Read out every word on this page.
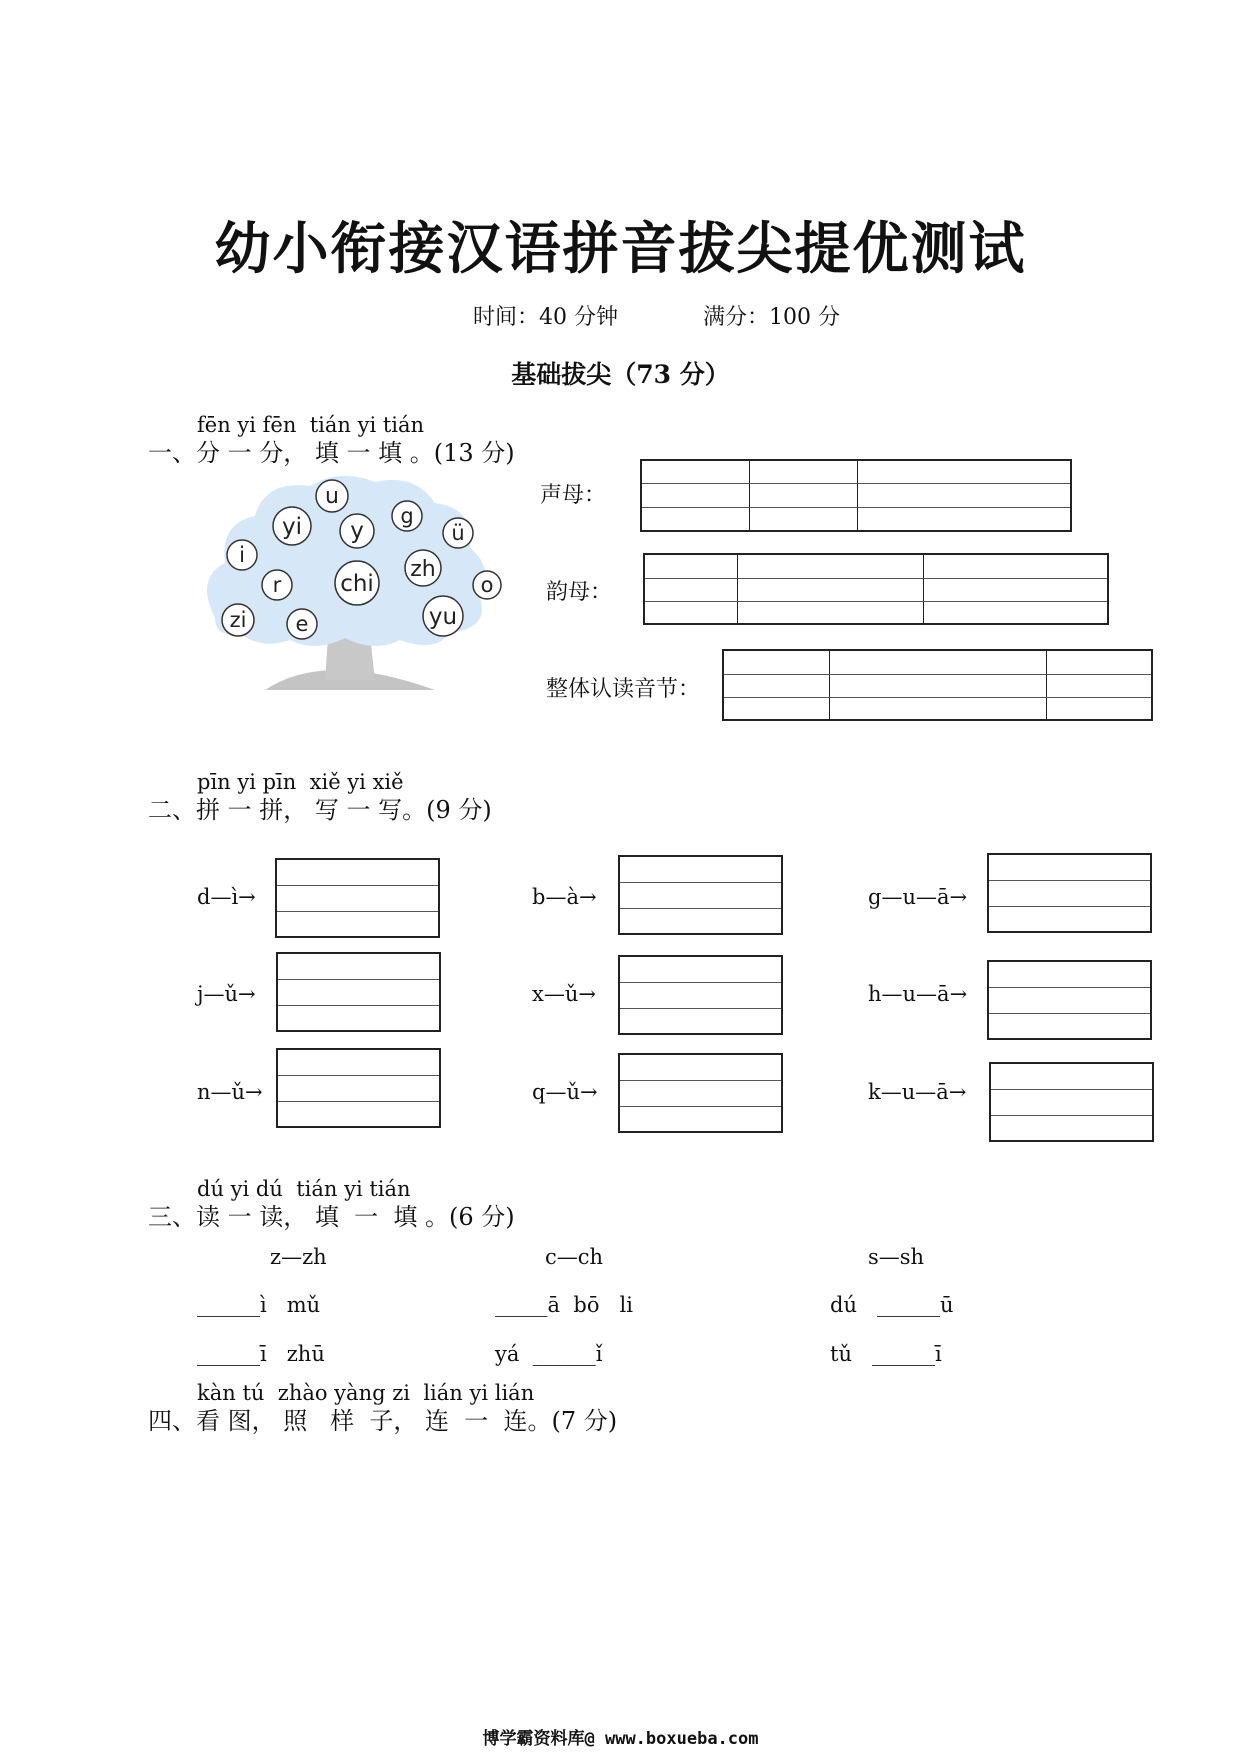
幼小衔接汉语拼音拔尖提优测试
时间：40 分钟	满分：100 分
基础拔尖（73 分）
fēn yi fēn  tián yi tián
一、分 一 分， 填 一 填 。(13 分)
u
yi y
g
ü
i
zh
r	chi	o
zi e	yu
声母：
韵母：
整体认读音节：
pīn yi pīn  xiě yi xiě
二、拼 一 拼， 写 一 写。(9 分)
d—ì→	b—à→	g—u—ā→
j—ǔ→	x—ǔ→	h—u—ā→
n—ǔ→	q—ǔ→	k—u—ā→
dú yi dú  tián yi tián
三、读 一 读， 填  一  填 。(6 分)
z—zh	c—ch	s—sh
______ì   mǔ	_____ā  bō   li	dú   ______ū
______ī   zhū	yá  ______ǐ	tǔ   ______ī
kàn tú  zhào yàng zi  lián yi lián
四、看 图， 照   样  子， 连  一  连。(7 分)
博学霸资料库@ www.boxueba.com
